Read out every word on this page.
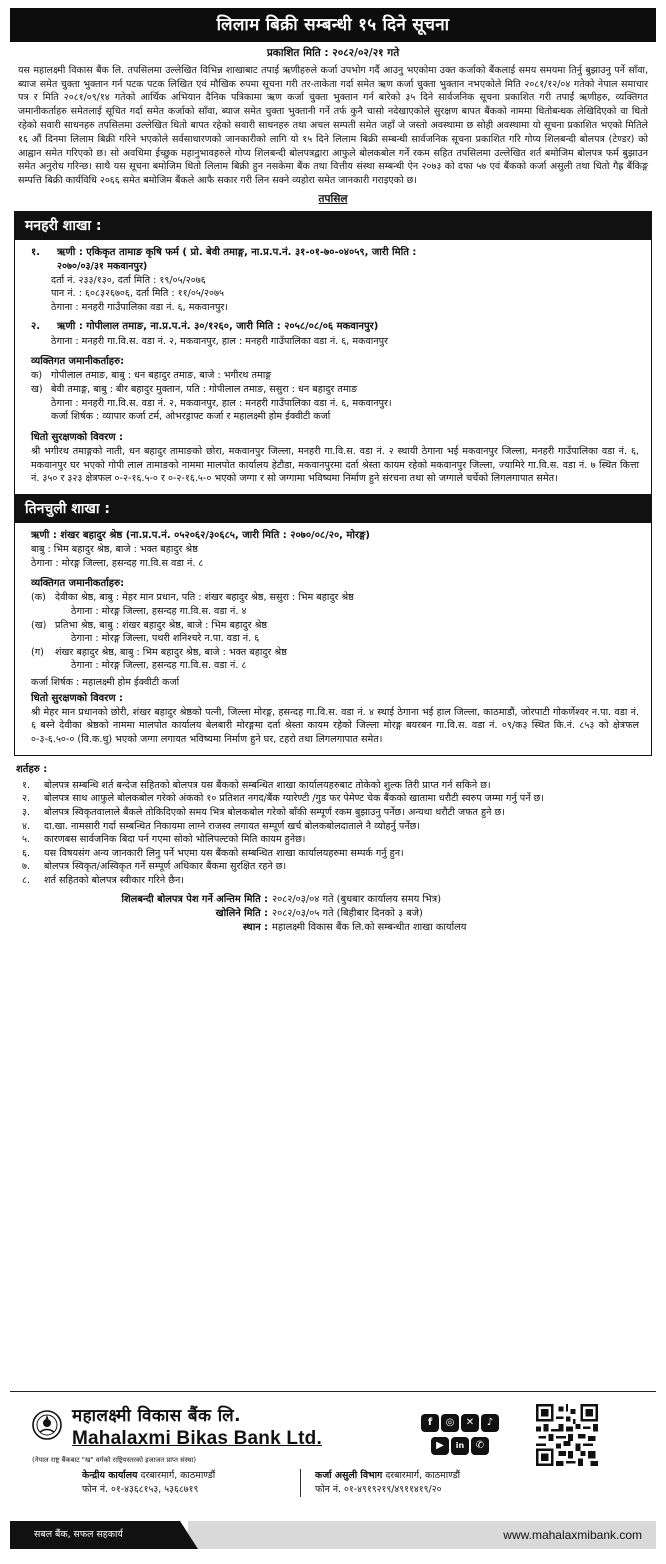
लिलाम बिक्री सम्बन्धी १५ दिने सूचना
प्रकाशित मिति : २०८२/०२/२१ गते
यस महालक्ष्मी विकास बैंक लि. तपसिलमा उल्लेखित विभिन्न शाखाबाट तपाई ऋणीहरुले कर्जा उपभोग गर्दै आउनु भएकोमा उक्त कर्जाको बैंकलाई समय समयमा तिर्नु बुझाउनु पर्ने साँवा, ब्याज समेत चुक्ता भुक्तान गर्न पटक पटक लिखित एवं मौखिक रुपमा सूचना गरी तर-ताकेता गर्दा समेत ऋण कर्जा चुक्ता भुक्तान नभएकोले मिति २०८१/१२/०४ गतेको नेपाल समाचार पत्र र मिति २०८१/०९/१४ गतेको आर्थिक अभियान दैनिक पत्रिकामा ऋण कर्जा चुक्ता भुक्तान गर्न बारेको ३५ दिने सार्वजनिक सूचना प्रकाशित गरी तपाईं ऋणीहरु, व्यक्तिगत जमानीकर्ताहरु समेतलाई सूचित गर्दा समेत कर्जाको साँवा, ब्याज समेत चुक्ता भुक्तानी गर्ने तर्फ कुनै चासो नदेखाएकोले सुरक्षण बापत बैंकको नाममा धितोबन्धक लेखिदिएको वा धितो रहेको सवारी साधनहरु तपसिलमा उल्लेखित धितो बापत रहेको सवारी साधनहरु तथा अचल सम्पती समेत जहाँ जे जस्तो अवस्थामा छ सोही अवस्थामा यो सूचना प्रकाशित भएको मितिले १६ औं दिनमा लिलाम बिक्री गरिने भएकोले सर्वसाधारणको जानकारीको लागि यो १५ दिने लिलाम बिक्री सम्बन्धी सार्वजनिक सूचना प्रकाशित गरि गोप्य शिलबन्दी बोलपत्र (टेण्डर) को आह्वान समेत गरिएको छ। सो अवधिमा ईच्छुक महानुभावहरुले गोप्य शिलबन्दी बोलपत्रद्वारा आफुले बोलकबोल गर्ने रकम सहित तपसिलमा उल्लेखित शर्त बमोजिम बोलपत्र फर्म बुझाउन समेत अनुरोध गरिन्छ। साथै यस सूचना बमोजिम धितो लिलाम बिक्री हुन नसकेमा बैंक तथा वित्तीय संस्था सम्बन्धी ऐन २०७३ को दफा ५७ एवं बैंकको कर्जा असुली तथा धितो गैह्र बैंकिङ्ग सम्पत्ति बिक्री कार्यविधि २०६६ समेत बमोजिम बैंकले आफै सकार गरी लिन सक्ने व्यहोरा समेत जानकारी गराइएको छ।
तपसिल
मनहरी शाखा :
१.	ऋणी : एकिकृत तामाङ कृषि फर्म ( प्रो. बेवी तमाङ्ग, ना.प्र.प.नं. ३१-०१-७०-०४०५९, जारी मिति :
२०७०/०३/३१ मकवानपुर)
दर्ता नं. २३३/१३०, दर्ता मिति : १९/०५/२०७६
पान नं. : ६०८३२६७०६, दर्ता मिति : ११/०५/२०७५
ठेगाना : मनहरी गाउँपालिका वडा नं. ६, मकवानपुर।
२.	ऋणी : गोपीलाल तमाङ, ना.प्र.प.नं. ३०/१२६०, जारी मिति : २०५८/०८/०६ मकवानपुर)
ठेगाना : मनहरी गा.वि.स. वडा नं. २, मकवानपुर, हाल : मनहरी गाउँपालिका वडा नं. ६, मकवानपुर
व्यक्तिगत जमानीकर्ताहरु:
क) गोपीलाल तमाङ, बाबु : धन बहादुर तमाङ, बाजे : भगीरथ तमाङ्ग
ख) बेवी तमाङ्ग, बाबु : बीर बहादुर मुक्तान, पति : गोपीलाल तमाङ, ससुरा : धन बहादुर तमाङ
ठेगाना : मनहरी गा.वि.स. वडा नं. २, मकवानपुर, हाल : मनहरी गाउँपालिका वडा नं. ६, मकवानपुर।
कर्जा शिर्षक : व्यापार कर्जा टर्म, ओभरड्राफ्ट कर्जा र महालक्ष्मी होम ईक्वीटी कर्जा
धितो सुरक्षणको विवरण :
श्री भगीरथ तमाङ्गको नाती, धन बहादुर तामाङको छोरा, मकवानपुर जिल्ला, मनहरी गा.वि.स. वडा नं. २ स्थायी ठेगाना भई मकवानपुर जिल्ला, मनहरी गाउँपालिका वडा नं. ६, मकवानपुर घर भएको गोपी लाल तामाङको नाममा मालपोत कार्यालय हेटौडा, मकवानपुरमा दर्ता श्रेस्ता कायम रहेको मकवानपुर जिल्ला, ज्यामिरे गा.वि.स. वडा नं. ७ स्थित कित्ता नं. ३५० र ३२३ क्षेत्रफल ०-२-१६.५-० र ०-२-१६.५-० भएको जग्गा र सो जग्गामा भविष्यमा निर्माण हुने संरचना तथा सो जग्गाले चर्चेको लिगलगापात समेत।
तिनचुली शाखा :
ऋणी : शंखर बहादुर श्रेष्ठ (ना.प्र.प.नं. ०५२०६२/३०६८५, जारी मिति : २०७०/०८/२०, मोरङ्ग)
बाबु : भिम बहादुर श्रेष्ठ, बाजे : भक्त बहादुर श्रेष्ठ
ठेगाना : मोरङ्ग जिल्ला, हसन्दह गा.वि.स वडा नं. ८
व्यक्तिगत जमानीकर्ताहरु:
(क) देवीका श्रेष्ठ, बाबु : मेहर मान प्रधान, पति : शंखर बहादुर श्रेष्ठ, ससुरा : भिम बहादुर श्रेष्ठ
ठेगाना : मोरङ्ग जिल्ला, हसन्दह गा.वि.स. वडा नं. ४
(ख) प्रतिभा श्रेष्ठ, बाबु : शंखर बहादुर श्रेष्ठ, बाजे : भिम बहादुर श्रेष्ठ
ठेगाना : मोरङ्ग जिल्ला, पथरी शनिश्चरे न.पा. वडा नं. ६
(ग)	शंखर बहादुर श्रेष्ठ, बाबु : भिम बहादुर श्रेष्ठ, बाजे : भक्त बहादुर श्रेष्ठ
ठेगाना : मोरङ्ग जिल्ला, हसन्दह गा.वि.स. वडा नं. ८
कर्जा शिर्षक : महालक्ष्मी होम ईक्वीटी कर्जा
धितो सुरक्षणको विवरण :
श्री मेहर मान प्रधानको छोरी, शंखर बहादुर श्रेष्ठको पत्नी, जिल्ला मोरङ्ग, हसन्दह गा.वि.स. वडा नं. ४ स्थाई ठेगाना भई हाल जिल्ला, काठमाडौं, जोरपाटी गोकर्णेश्वर न.पा. वडा नं. ६ बस्ने देवीका श्रेष्ठको नाममा मालपोत कार्यालय बेलबारी मोरङ्गमा दर्ता श्रेस्ता कायम रहेको जिल्ला मोरङ्ग बयरबन गा.वि.स. वडा नं. ०९/क३ स्थित कि.नं. ८५३ को क्षेत्रफल ०-३-६.५०-० (वि.क.धु) भएको जग्गा लगायत भविष्यमा निर्माण हुने घर, टहरो तथा लिगलगापात समेत।
शर्तहरु :
१.	बोलपत्र सम्बन्धि शर्त बन्देज सहितको बोलपत्र यस बैंकको सम्बन्धित शाखा कार्यालयहरुबाट तोकेको शुल्क तिरी प्राप्त गर्न सकिने छ।
२.	बोलपत्र साथ आफुले बोलकबोल गरेको अंकको १० प्रतिशत नगद/बैंक ग्यारेण्टी /गुड फर पेमेण्ट चेक बैंकको खातामा धरौटी स्वरुप जम्मा गर्नु पर्ने छ।
३.	बोलपत्र स्विकृतवालाले बैंकले तोकिदिएको समय भित्र बोलकबोल गरेको बाँकी सम्पूर्ण रकम बुझाउनु पर्नेछ। अन्यथा धरौटी जफत हुने छ।
४.	दा.खा. नामसारी गर्दा सम्बन्धित निकायमा लाग्ने राजस्व लगायत सम्पूर्ण खर्च बोलकबोलदाताले नै व्योहर्नु पर्नेछ।
५.	कारणबस सार्वजनिक बिदा पर्न गएमा सोको भोलिपल्टको मिति कायम हुनेछ।
६.	यस विषयसंग अन्य जानकारी लिनु पर्ने भएमा यस बैंकको सम्बन्धित शाखा कार्यालयहरुमा सम्पर्क गर्नु हुन।
७.	बोलपत्र स्विकृत/अस्विकृत गर्ने सम्पूर्ण अधिकार बैंकमा सुरक्षित रहने छ।
८.	शर्त सहितको बोलपत्र स्वीकार गरिने छैन।
शिलबन्दी बोलपत्र पेश गर्ने अन्तिम मिति : २०८२/०३/०४ गते (बुधबार कार्यालय समय भित्र)
खोलिने मिति : २०८२/०३/०५ गते (बिहीबार दिनको ३ बजे)
स्थान : महालक्ष्मी विकास बैंक लि.को सम्बन्धीत शाखा कार्यालय
महालक्ष्मी विकास बैंक लि.
Mahalaxmi Bikas Bank Ltd.
(नेपाल राष्ट्र बैंकबाट "ख" वर्गको राष्ट्रियस्तरको इजाजत प्राप्त संस्था)
f ◎ ✕ ♪
▶ in ✆
केन्द्रीय कार्यालय दरबारमार्ग, काठमाण्डौं
फोन नं. ०१-४३६८१५३, ५३६८७१९
कर्जा असुली विभाग दरबारमार्ग, काठमाण्डौं
फोन नं. ०१-४९१९२१९/४९११४१९/२०
www.mahalaxmibank.com
सबल बैंक, सफल सहकार्य
